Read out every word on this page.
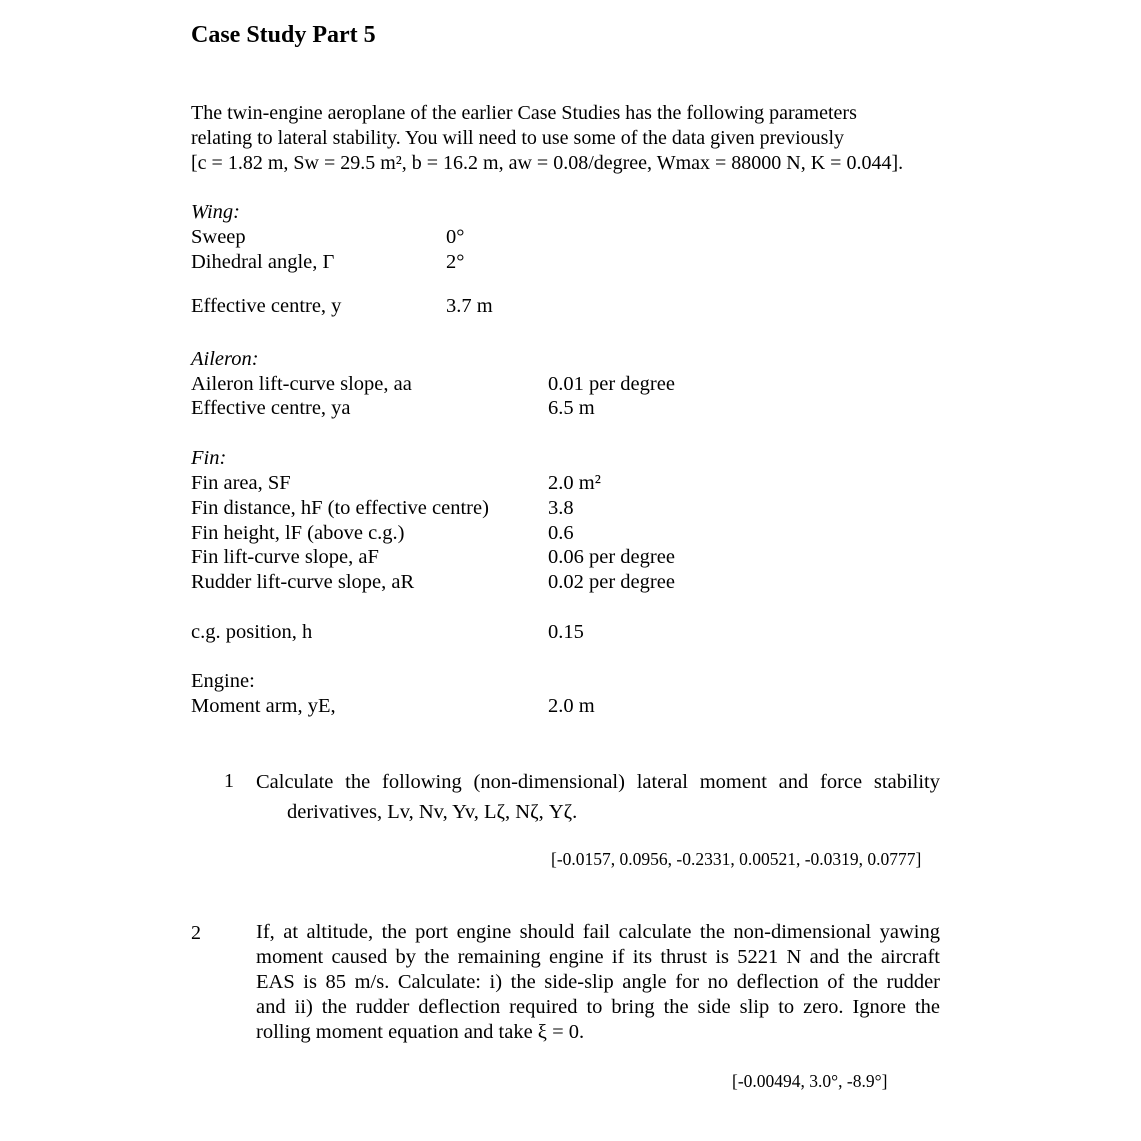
Case Study Part 5
The twin-engine aeroplane of the earlier Case Studies has the following parameters
relating to lateral stability. You will need to use some of the data given previously
[c = 1.82 m, Sw = 29.5 m², b = 16.2 m, aw = 0.08/degree, Wmax = 88000 N, K = 0.044].
Wing:
Sweep	0°
Dihedral angle, Γ	2°
Effective centre, y	3.7 m
Aileron:
Aileron lift-curve slope, aa	0.01 per degree
Effective centre, ya	6.5 m
Fin:
Fin area, SF	2.0 m²
Fin distance, hF (to effective centre)	3.8
Fin height, lF (above c.g.)	0.6
Fin lift-curve slope, aF	0.06 per degree
Rudder lift-curve slope, aR	0.02 per degree
c.g. position, h	0.15
Engine:
Moment arm, yE,	2.0 m
1 Calculate the following (non-dimensional) lateral moment and force stability
derivatives, Lv, Nv, Yv, Lζ, Nζ, Yζ.
[-0.0157, 0.0956, -0.2331, 0.00521, -0.0319, 0.0777]
2	If, at altitude, the port engine should fail calculate the non-dimensional yawing
moment caused by the remaining engine if its thrust is 5221 N and the aircraft
EAS is 85 m/s. Calculate: i) the side-slip angle for no deflection of the rudder
and ii) the rudder deflection required to bring the side slip to zero. Ignore the
rolling moment equation and take ξ = 0.
[-0.00494, 3.0°, -8.9°]
